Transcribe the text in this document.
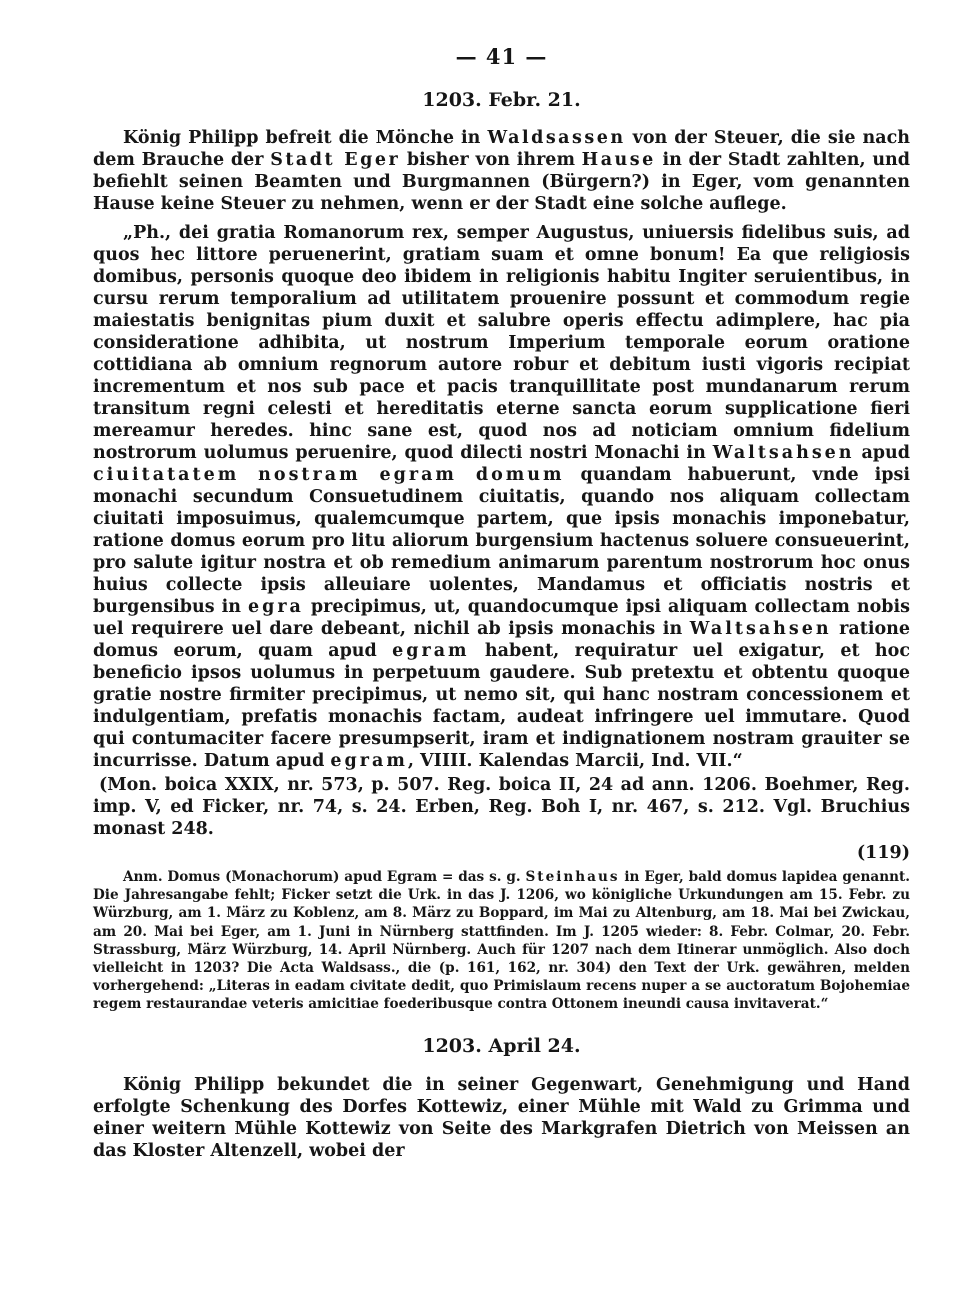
— 41 —
1203. Febr. 21.

König Philipp befreit die Mönche in Waldsassen von der Steuer, die sie nach dem Brauche der Stadt Eger bisher von ihrem Hause in der Stadt zahlten, und befiehlt seinen Beamten und Burgmannen (Bürgern?) in Eger, vom genannten Hause keine Steuer zu nehmen, wenn er der Stadt eine solche auflege.

„Ph., dei gratia Romanorum rex, semper Augustus, uniuersis fidelibus suis, ad quos hec littore peruenerint, gratiam suam et omne bonum! Ea que religiosis domibus, personis quoque deo ibidem in religionis habitu Ingiter seruientibus, in cursu rerum temporalium ad utilitatem prouenire possunt et commodum regie maiestatis benignitas pium duxit et salubre operis effectu adimplere, hac pia consideratione adhibita, ut nostrum Imperium temporale eorum oratione cottidiana ab omnium regnorum autore robur et debitum iusti vigoris recipiat incrementum et nos sub pace et pacis tranquillitate post mundanarum rerum transitum regni celesti et hereditatis eterne sancta eorum supplicatione fieri mereamur heredes. hinc sane est, quod nos ad noticiam omnium fidelium nostrorum uolumus peruenire, quod dilecti nostri Monachi in Waltsahsen apud ciuitatatem nostram egram domum quandam habuerunt, vnde ipsi monachi secundum Consuetudinem ciuitatis, quando nos aliquam collectam ciuitati imposuimus, qualemcumque partem, que ipsis monachis imponebatur, ratione domus eorum pro litu aliorum burgensium hactenus soluere consueuerint, pro salute igitur nostra et ob remedium animarum parentum nostrorum hoc onus huius collecte ipsis alleuiare uolentes, Mandamus et officiatis nostris et burgensibus in egra precipimus, ut, quandocumque ipsi aliquam collectam nobis uel requirere uel dare debeant, nichil ab ipsis monachis in Waltsahsen ratione domus eorum, quam apud egram habent, requiratur uel exigatur, et hoc beneficio ipsos uolumus in perpetuum gaudere. Sub pretextu et obtentu quoque gratie nostre firmiter precipimus, ut nemo sit, qui hanc nostram concessionem et indulgentiam, prefatis monachis factam, audeat infringere uel immutare. Quod qui contumaciter facere presumpserit, iram et indignationem nostram grauiter se incurrisse. Datum apud egram, VIIII. Kalendas Marcii, Ind. VII.“

(Mon. boica XXIX, nr. 573, p. 507. Reg. boica II, 24 ad ann. 1206. Boehmer, Reg. imp. V, ed Ficker, nr. 74, s. 24. Erben, Reg. Boh I, nr. 467, s. 212. Vgl. Bruchius monast 248.

(119)

Anm. Domus (Monachorum) apud Egram = das s. g. Steinhaus in Eger, bald domus lapidea genannt. Die Jahresangabe fehlt; Ficker setzt die Urk. in das J. 1206, wo königliche Urkundungen am 15. Febr. zu Würzburg, am 1. März zu Koblenz, am 8. März zu Boppard, im Mai zu Altenburg, am 18. Mai bei Zwickau, am 20. Mai bei Eger, am 1. Juni in Nürnberg stattfinden. Im J. 1205 wieder: 8. Febr. Colmar, 20. Febr. Strassburg, März Würzburg, 14. April Nürnberg. Auch für 1207 nach dem Itinerar unmöglich. Also doch vielleicht in 1203? Die Acta Waldsass., die (p. 161, 162, nr. 304) den Text der Urk. gewähren, melden vorhergehend: „Literas in eadam civitate dedit, quo Primislaum recens nuper a se auctoratum Bojohemiae regem restaurandae veteris amicitiae foederibusque contra Ottonem ineundi causa invitaverat.“

1203. April 24.

König Philipp bekundet die in seiner Gegenwart, Genehmigung und Hand erfolgte Schenkung des Dorfes Kottewiz, einer Mühle mit Wald zu Grimma und einer weitern Mühle Kottewiz von Seite des Markgrafen Dietrich von Meissen an das Kloster Altenzell, wobei der
